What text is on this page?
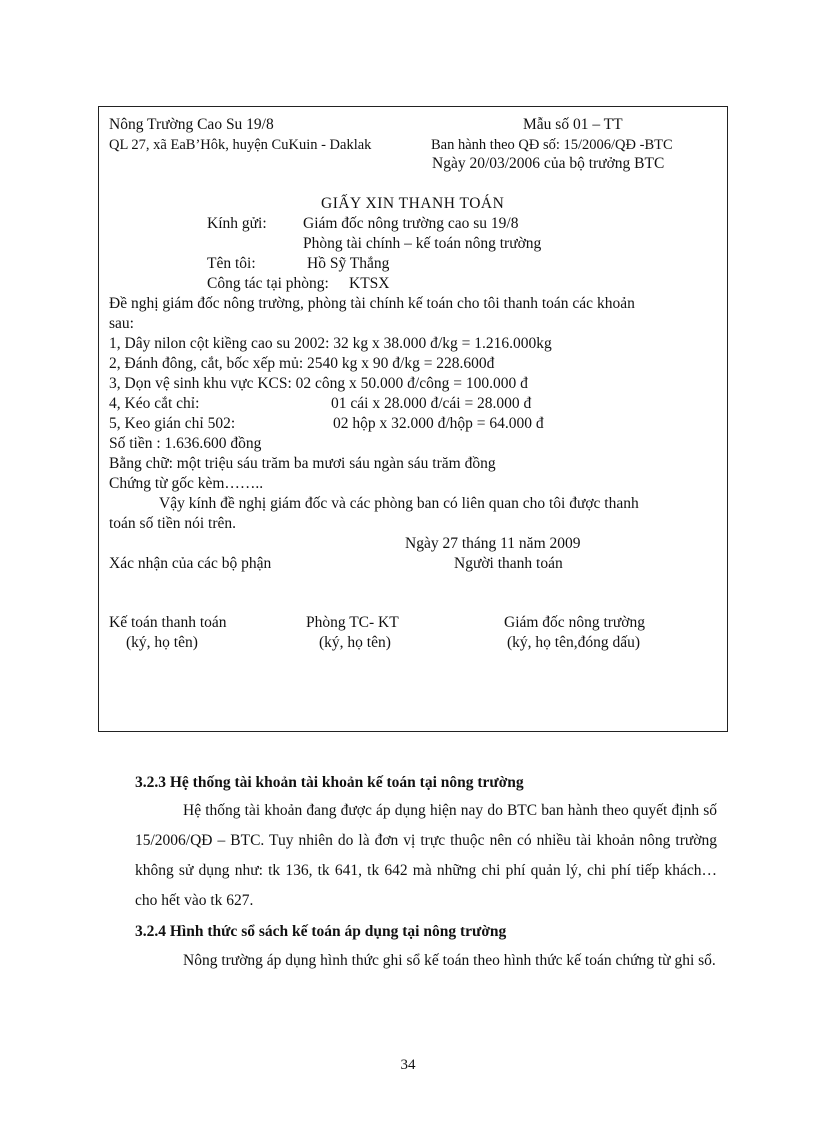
Nông Trường Cao Su 19/8	Mẫu số 01 – TT
QL 27, xã EaB’Hôk, huyện CuKuin - Daklak	Ban hành theo QĐ số: 15/2006/QĐ -BTC
Ngày 20/03/2006 của bộ trưởng BTC
GIẤY XIN THANH TOÁN
Kính gửi: Giám đốc nông trường cao su 19/8
Phòng tài chính – kế toán nông trường
Tên tôi:	Hồ Sỹ Thắng
Công tác tại phòng: KTSX
Đề nghị giám đốc nông trường, phòng tài chính kế toán cho tôi thanh toán các khoản
sau:
1, Dây nilon cột kiềng cao su 2002: 32 kg x 38.000 đ/kg = 1.216.000kg
2, Đánh đông, cắt, bốc xếp mủ: 2540 kg x 90 đ/kg = 228.600đ
3, Dọn vệ sinh khu vực KCS: 02 công x 50.000 đ/công = 100.000 đ
4, Kéo cắt chỉ:	01 cái x 28.000 đ/cái = 28.000 đ
5, Keo gián chỉ 502:	02 hộp x 32.000 đ/hộp = 64.000 đ
Số tiền : 1.636.600 đồng
Bằng chữ: một triệu sáu trăm ba mươi sáu ngàn sáu trăm đồng
Chứng từ gốc kèm……..
Vậy kính đề nghị giám đốc và các phòng ban có liên quan cho tôi được thanh
toán số tiền nói trên.
Ngày 27 tháng 11 năm 2009
Xác nhận của các bộ phận	Người thanh toán
Kế toán thanh toán	Phòng TC- KT	Giám đốc nông trường
(ký, họ tên)	(ký, họ tên)	(ký, họ tên,đóng dấu)
3.2.3 Hệ thống tài khoản tài khoản kế toán tại nông trường

Hệ thống tài khoản đang được áp dụng hiện nay do BTC ban hành theo quyết định số 15/2006/QĐ – BTC. Tuy nhiên do là đơn vị trực thuộc nên có nhiều tài khoản nông trường không sử dụng như: tk 136, tk 641, tk 642 mà những chi phí quản lý, chi phí tiếp khách… cho hết vào tk 627.

3.2.4 Hình thức sổ sách kế toán áp dụng tại nông trường

Nông trường áp dụng hình thức ghi sổ kế toán theo hình thức kế toán chứng từ ghi sổ.

34
